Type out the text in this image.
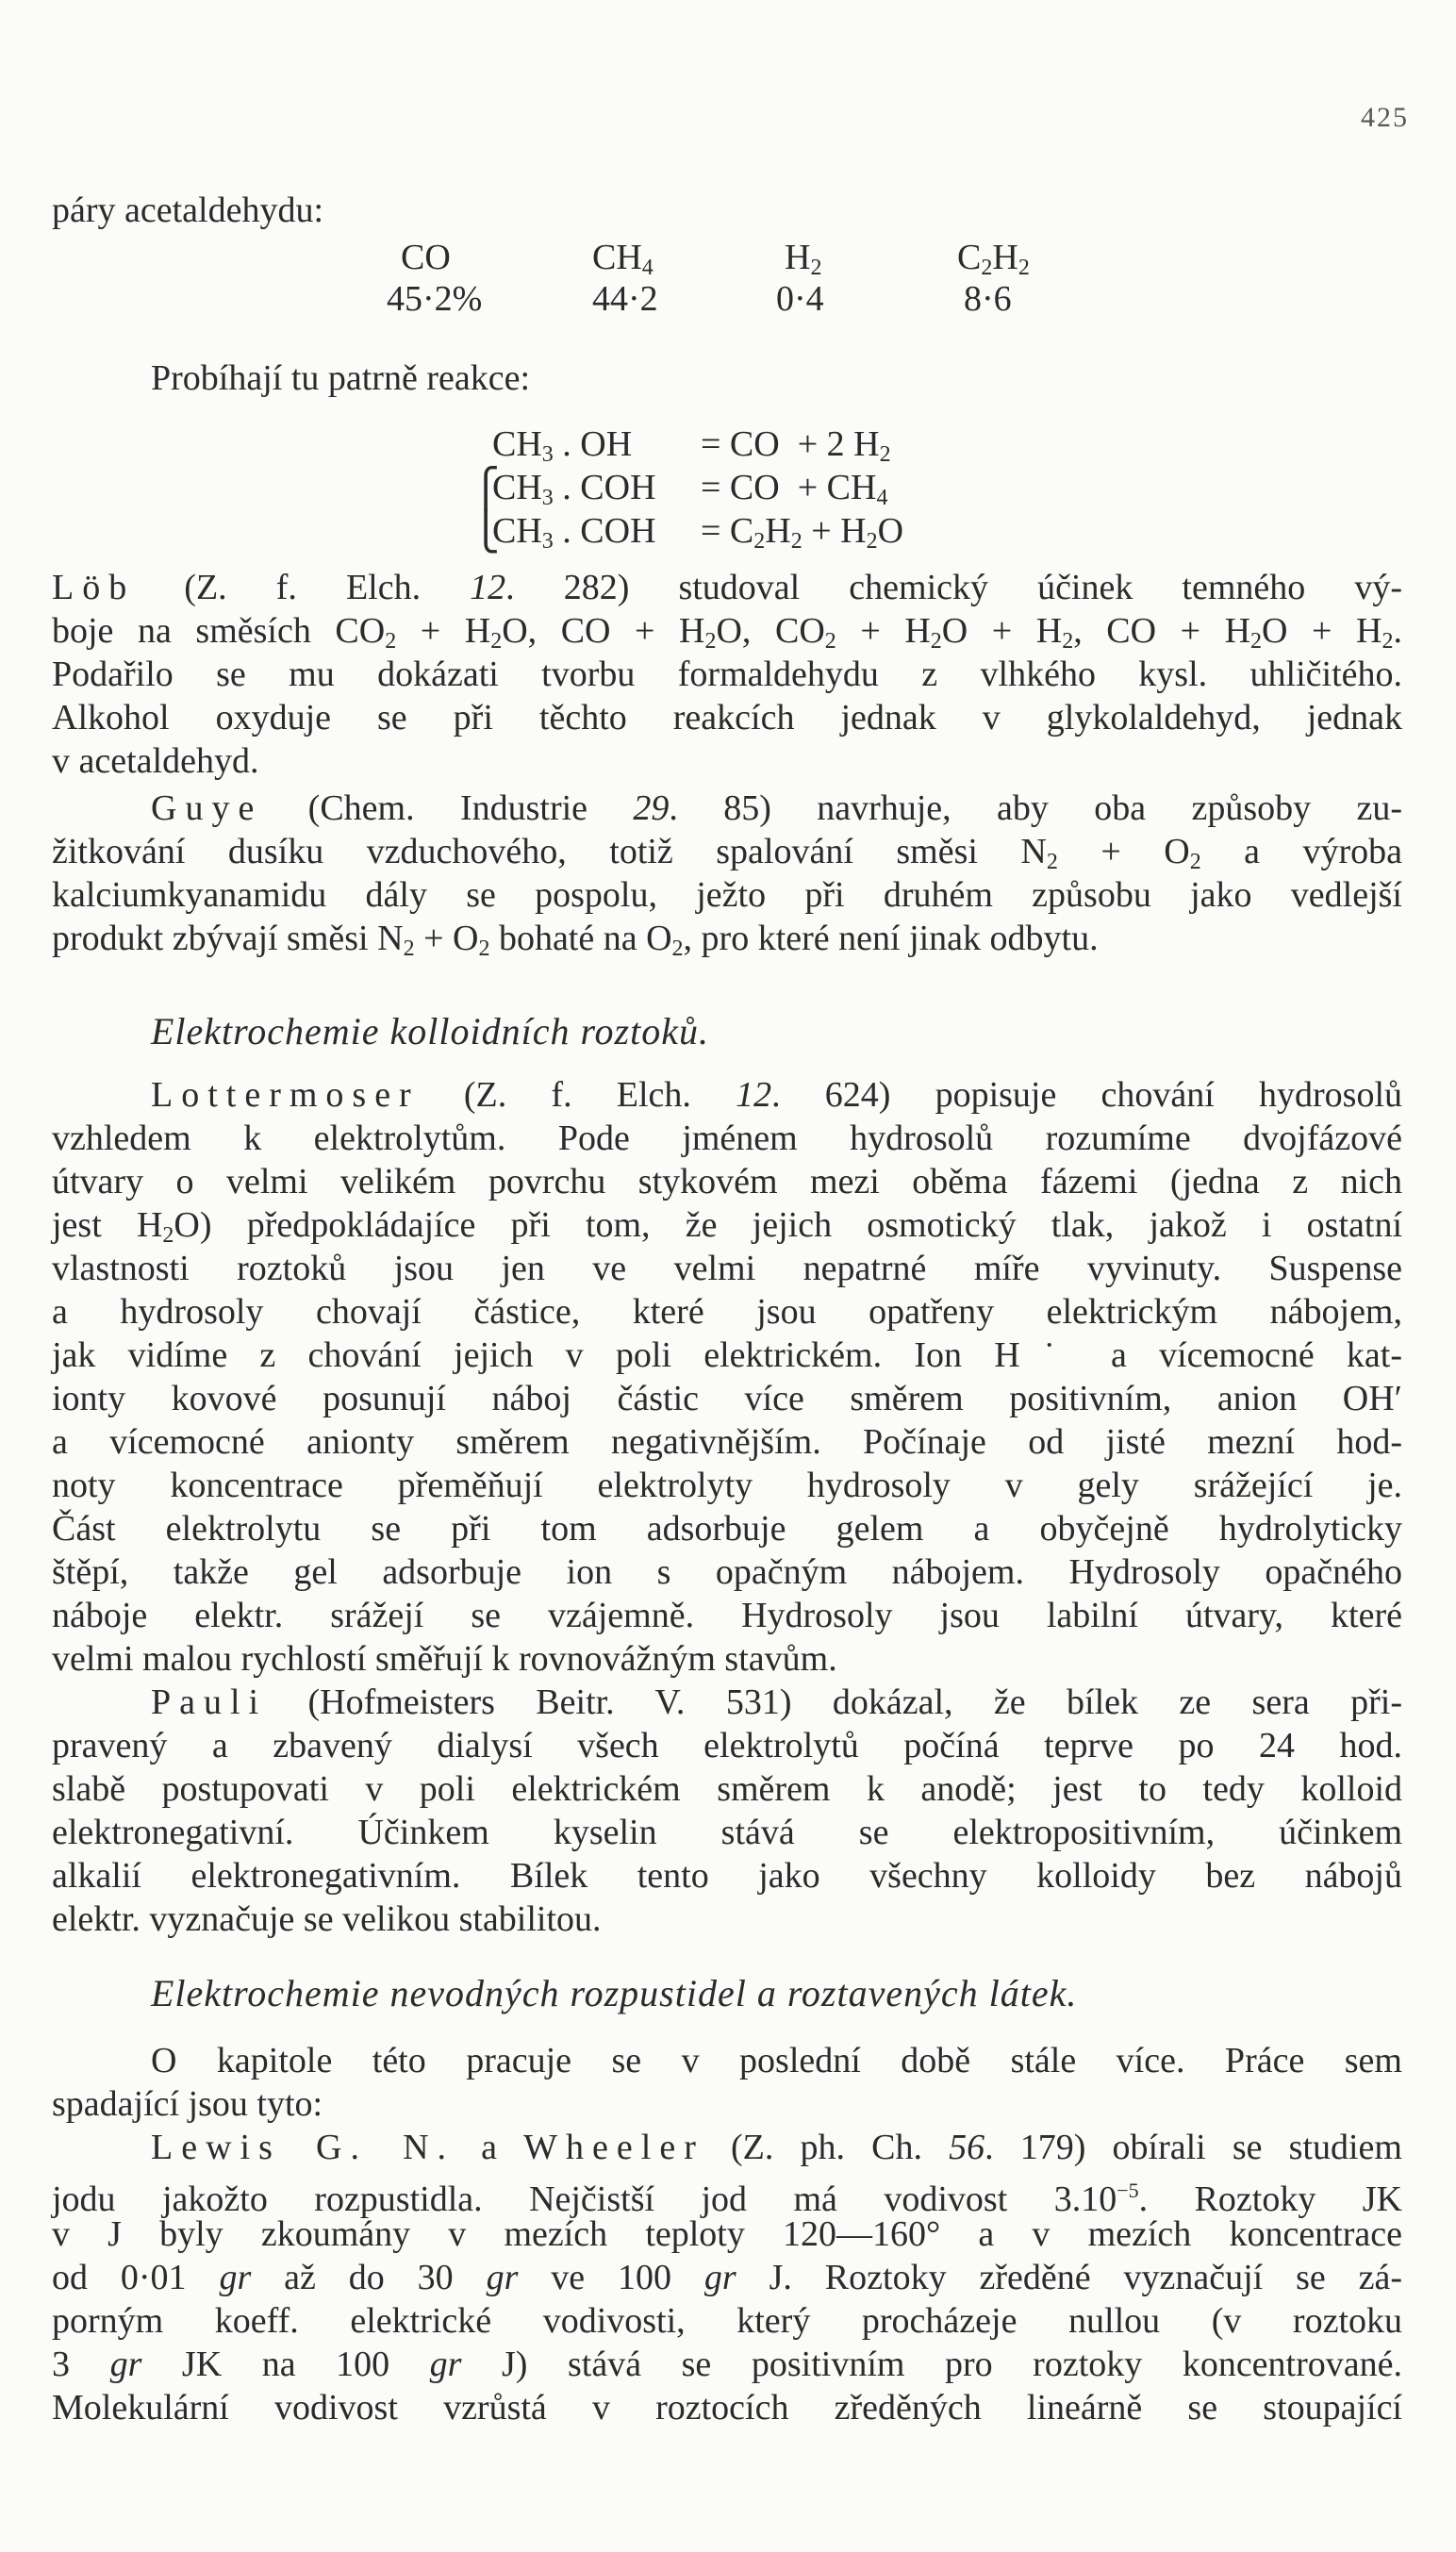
425
páry acetaldehydu:
CO	$CH_4$	$H_2$	$C_2H_2$
45·2%	44·2	0·4	8·6
Probíhají tu patrně reakce:
$CH_3$ . OH = CO  + 2 $H_2$
⎧
⎩
$CH_3$ . COH = CO  + $CH_4$
$CH_3$ . COH = $C_2H_2 + H_2O$
Löb (Z. f. Elch. 12. 282) studoval chemický účinek temného vý-
boje na směsích $CO_2 + H_2O$, CO + $H_2O$, $CO_2 + H_2O + H_2$, CO + $H_2O + H_2$.
Podařilo se mu dokázati tvorbu formaldehydu z vlhkého kysl. uhličitého.
Alkohol oxyduje se při těchto reakcích jednak v glykolaldehyd, jednak
v acetaldehyd.
Guye (Chem. Industrie 29. 85) navrhuje, aby oba způsoby zu-
žitkování dusíku vzduchového, totiž spalování směsi $N_2 + O_2$ a výroba
kalciumkyanamidu dály se pospolu, ježto při druhém způsobu jako vedlejší
produkt zbývají směsi $N_2 + O_2$ bohaté na $O_2$, pro které není jinak odbytu.
Lottermoser (Z. f. Elch. 12. 624) popisuje chování hydrosolů
vzhledem k elektrolytům. Pode jménem hydrosolů rozumíme dvojfázové
útvary o velmi velikém povrchu stykovém mezi oběma fázemi (jedna z nich
jest $H_2O$) předpokládajíce při tom, že jejich osmotický tlak, jakož i ostatní
vlastnosti roztoků jsou jen ve velmi nepatrné míře vyvinuty. Suspense
a hydrosoly chovají částice, které jsou opatřeny elektrickým nábojem,
jak vidíme z chování jejich v poli elektrickém. Ion H˙ a vícemocné kat-
ionty kovové posunují náboj částic více směrem positivním, anion OH′
a vícemocné anionty směrem negativnějším. Počínaje od jisté mezní hod-
noty koncentrace přeměňují elektrolyty hydrosoly v gely srážející je.
Část elektrolytu se při tom adsorbuje gelem a obyčejně hydrolyticky
štěpí, takže gel adsorbuje ion s opačným nábojem. Hydrosoly opačného
náboje elektr. srážejí se vzájemně. Hydrosoly jsou labilní útvary, které
velmi malou rychlostí směřují k rovnovážným stavům.
Pauli (Hofmeisters Beitr. V. 531) dokázal, že bílek ze sera při-
pravený a zbavený dialysí všech elektrolytů počíná teprve po 24 hod.
slabě postupovati v poli elektrickém směrem k anodě; jest to tedy kolloid
elektronegativní. Účinkem kyselin stává se elektropositivním, účinkem
alkalií elektronegativním. Bílek tento jako všechny kolloidy bez nábojů
elektr. vyznačuje se velikou stabilitou.
O kapitole této pracuje se v poslední době stále více. Práce sem
spadající jsou tyto:
Lewis G. N. a Wheeler (Z. ph. Ch. 56. 179) obírali se studiem
jodu jakožto rozpustidla. Nejčistší jod má vodivost $3.10^{-5}$. Roztoky JK
v J byly zkoumány v mezích teploty 120—160° a v mezích koncentrace
od 0·01 gr až do 30 gr ve 100 gr J. Roztoky zředěné vyznačují se zá-
porným koeff. elektrické vodivosti, který procházeje nullou (v roztoku
3 gr JK na 100 gr J) stává se positivním pro roztoky koncentrované.
Molekulární vodivost vzrůstá v roztocích zředěných lineárně se stoupající
Elektrochemie kolloidních roztoků.
Elektrochemie nevodných rozpustidel a roztavených látek.
